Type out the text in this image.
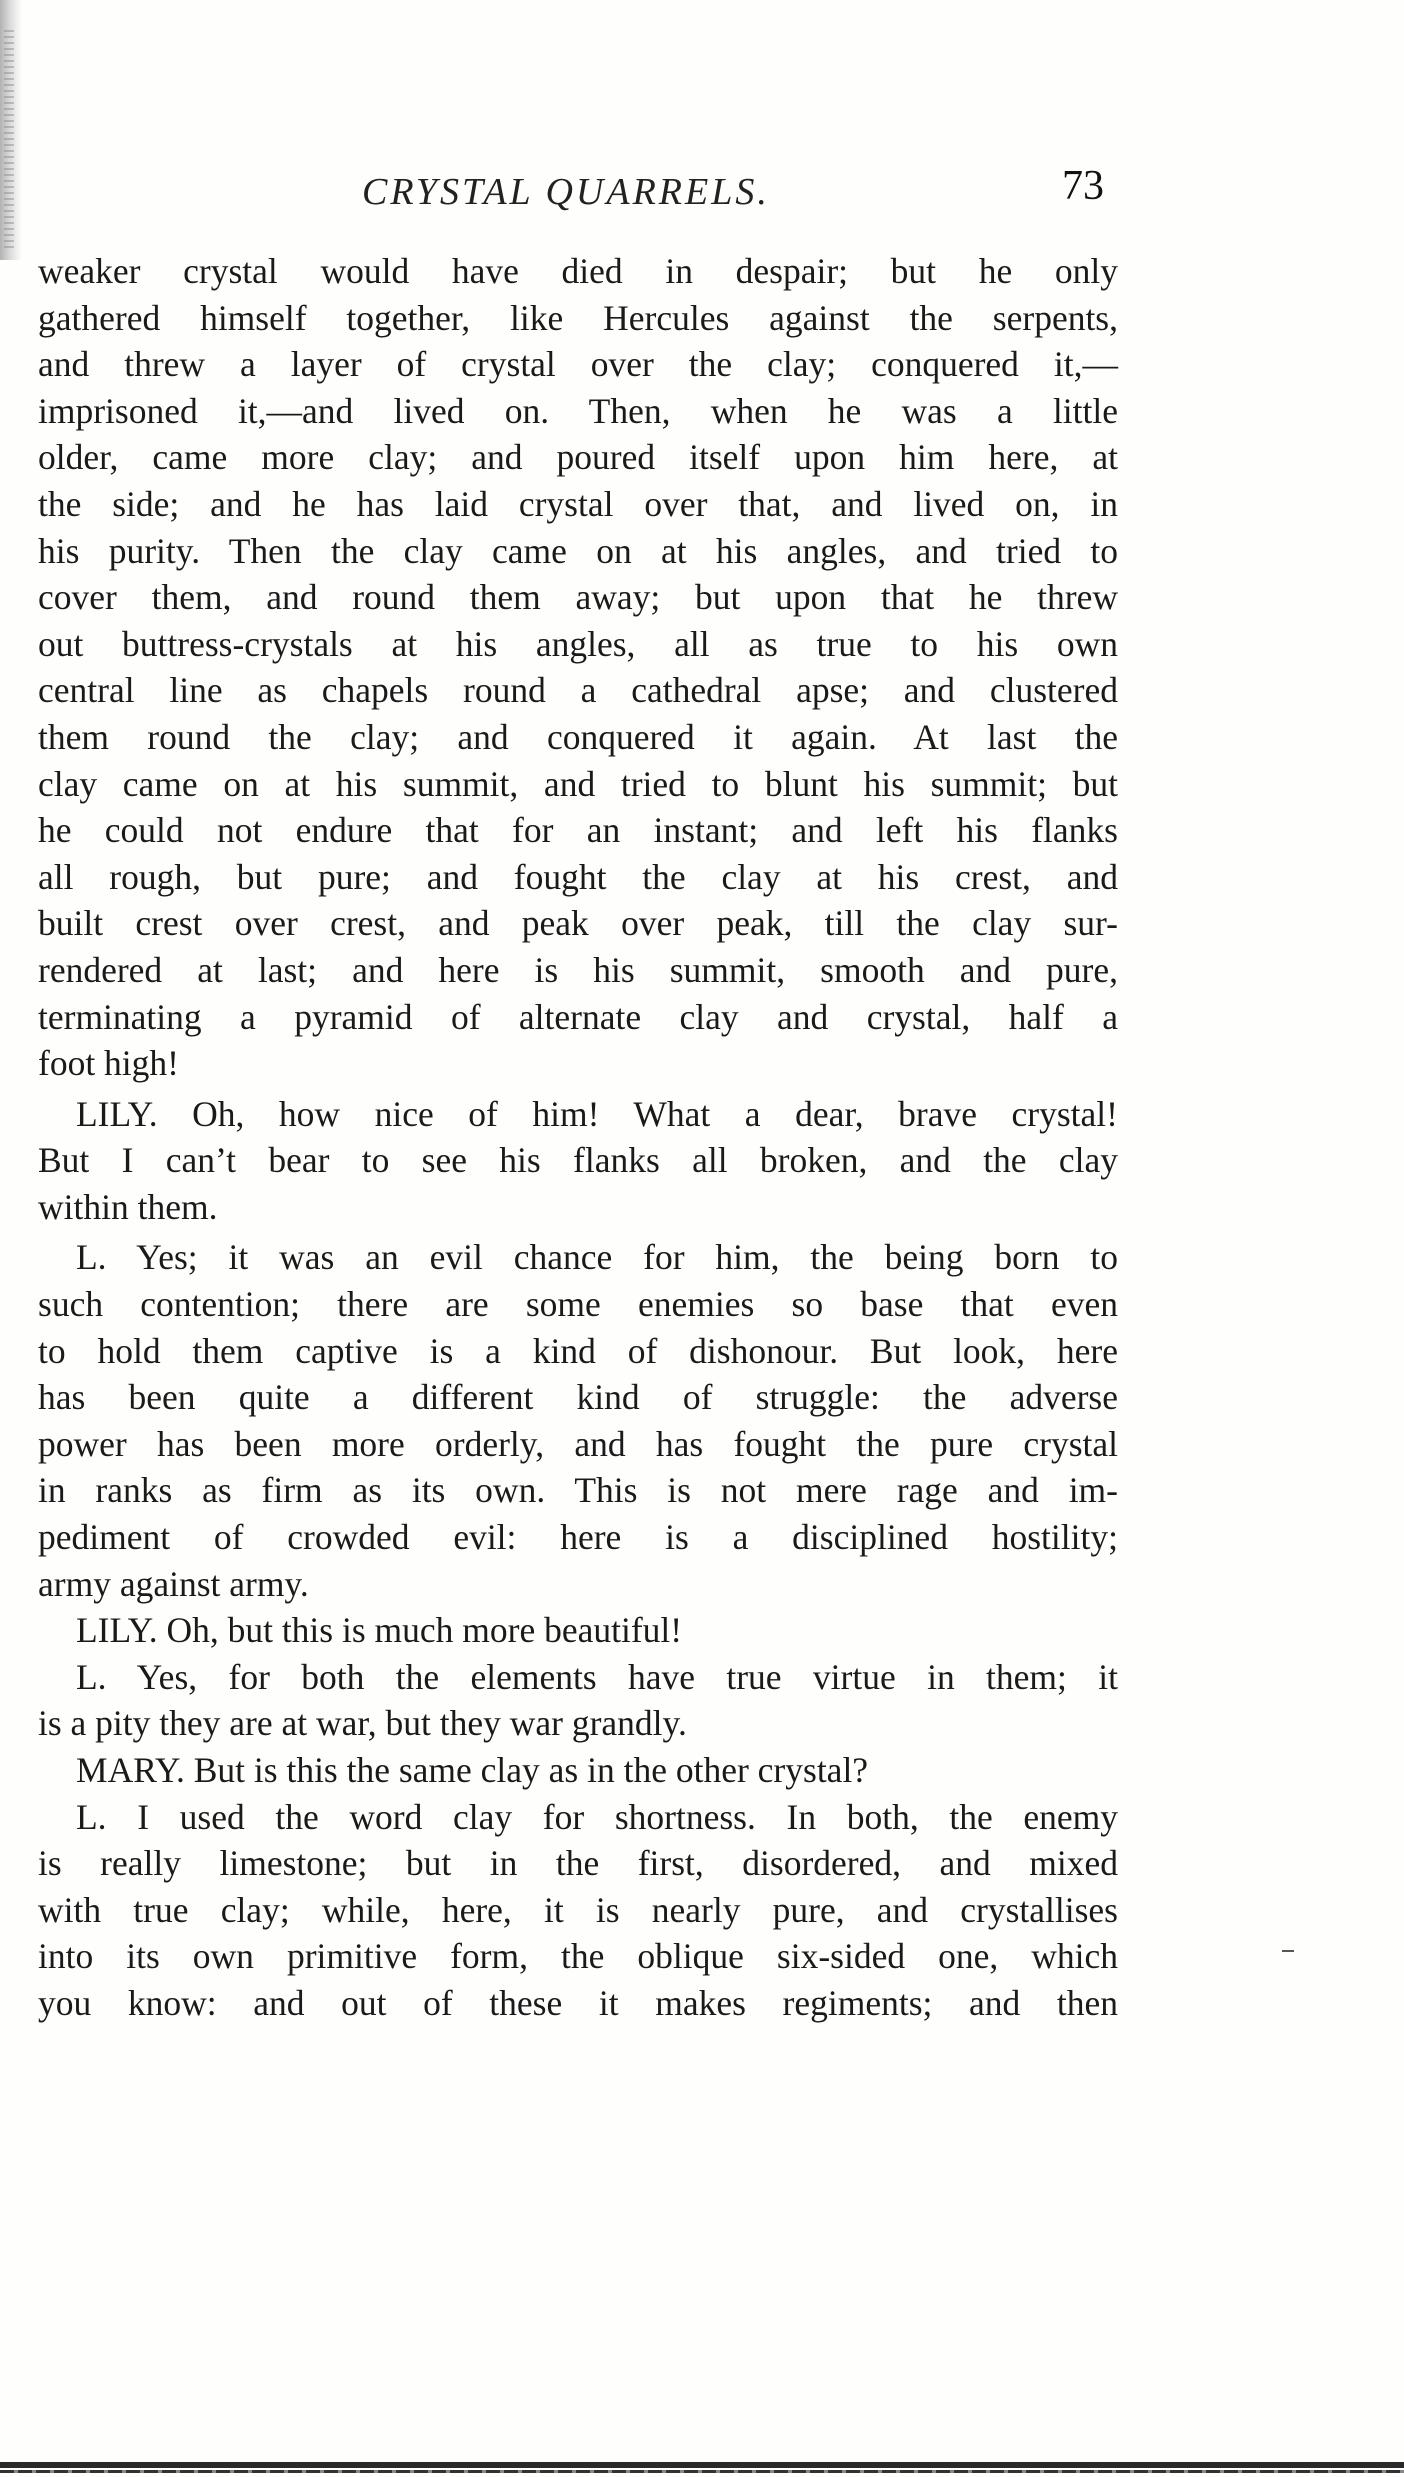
CRYSTAL QUARRELS.	73
weaker crystal would have died in despair; but he only
gathered himself together, like Hercules against the serpents,
and threw a layer of crystal over the clay; conquered it,—
imprisoned it,—and lived on. Then, when he was a little
older, came more clay; and poured itself upon him here, at
the side; and he has laid crystal over that, and lived on, in
his purity. Then the clay came on at his angles, and tried to
cover them, and round them away; but upon that he threw
out buttress-crystals at his angles, all as true to his own
central line as chapels round a cathedral apse; and clustered
them round the clay; and conquered it again. At last the
clay came on at his summit, and tried to blunt his summit; but
he could not endure that for an instant; and left his flanks
all rough, but pure; and fought the clay at his crest, and
built crest over crest, and peak over peak, till the clay sur-
rendered at last; and here is his summit, smooth and pure,
terminating a pyramid of alternate clay and crystal, half a
foot high!
LILY. Oh, how nice of him! What a dear, brave crystal!
But I can’t bear to see his flanks all broken, and the clay
within them.
L. Yes; it was an evil chance for him, the being born to
such contention; there are some enemies so base that even
to hold them captive is a kind of dishonour. But look, here
has been quite a different kind of struggle: the adverse
power has been more orderly, and has fought the pure crystal
in ranks as firm as its own. This is not mere rage and im-
pediment of crowded evil: here is a disciplined hostility;
army against army.
LILY. Oh, but this is much more beautiful!
L. Yes, for both the elements have true virtue in them; it
is a pity they are at war, but they war grandly.
MARY. But is this the same clay as in the other crystal?
L. I used the word clay for shortness. In both, the enemy
is really limestone; but in the first, disordered, and mixed
with true clay; while, here, it is nearly pure, and crystallises
into its own primitive form, the oblique six-sided one, which
you know: and out of these it makes regiments; and then
